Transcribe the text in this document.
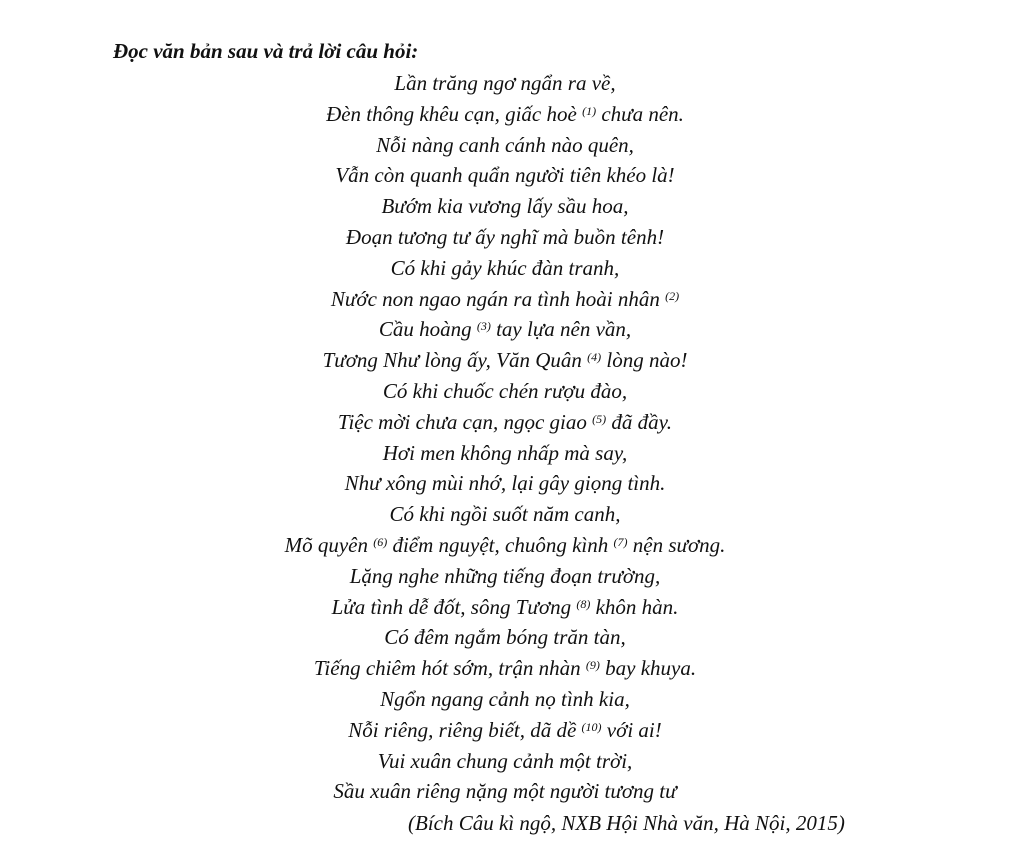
Đọc văn bản sau và trả lời câu hỏi:
Lần trăng ngơ ngẩn ra về,
Đèn thông khêu cạn, giấc hoè $^{(1)}$ chưa nên.
Nỗi nàng canh cánh nào quên,
Vẫn còn quanh quẩn người tiên khéo là!
Bướm kia vương lấy sầu hoa,
Đoạn tương tư ấy nghĩ mà buồn tênh!
Có khi gảy khúc đàn tranh,
Nước non ngao ngán ra tình hoài nhân $^{(2)}$
Cầu hoàng $^{(3)}$ tay lựa nên vần,
Tương Như lòng ấy, Văn Quân $^{(4)}$ lòng nào!
Có khi chuốc chén rượu đào,
Tiệc mời chưa cạn, ngọc giao $^{(5)}$ đã đầy.
Hơi men không nhấp mà say,
Như xông mùi nhớ, lại gây giọng tình.
Có khi ngồi suốt năm canh,
Mõ quyên $^{(6)}$ điểm nguyệt, chuông kình $^{(7)}$ nện sương.
Lặng nghe những tiếng đoạn trường,
Lửa tình dễ đốt, sông Tương $^{(8)}$ khôn hàn.
Có đêm ngắm bóng trăn tàn,
Tiếng chiêm hót sớm, trận nhàn $^{(9)}$ bay khuya.
Ngổn ngang cảnh nọ tình kia,
Nỗi riêng, riêng biết, dã dề $^{(10)}$ với ai!
Vui xuân chung cảnh một trời,
Sầu xuân riêng nặng một người tương tư
(Bích Câu kì ngộ, NXB Hội Nhà văn, Hà Nội, 2015)
